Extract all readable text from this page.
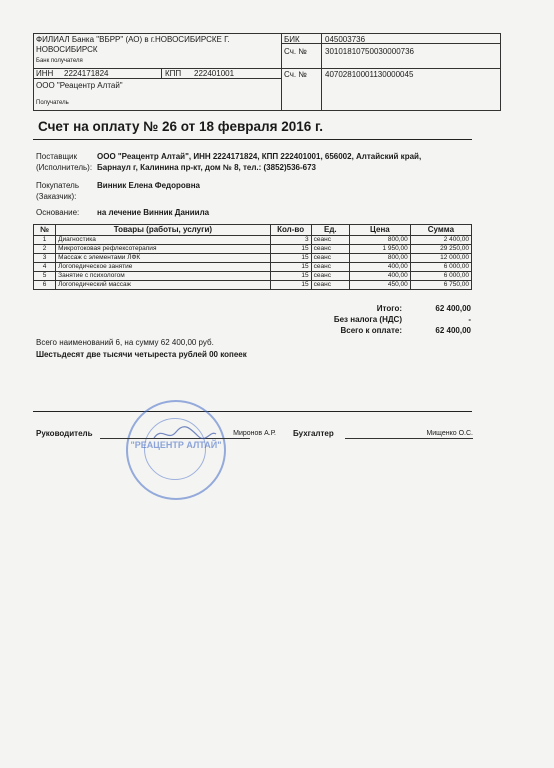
ФИЛИАЛ Банка "ВБРР" (АО) в г.НОВОСИБИРСКЕ Г.
НОВОСИБИРСК
Банк получателя
БИК	045003736
Сч. № 30101810750030000736
ИНН 2224171824	КПП 222401001	Сч. № 40702810001130000045
ООО "Реацентр Алтай"
Получатель
Счет на оплату № 26 от 18 февраля 2016 г.
Поставщик
(Исполнитель):
ООО "Реацентр Алтай", ИНН 2224171824, КПП 222401001, 656002, Алтайский край,
Барнаул г, Калинина пр-кт, дом № 8, тел.: (3852)536-673
Покупатель
(Заказчик):
Винник Елена Федоровна
Основание: на лечение Винник Даниила
№	Товары (работы, услуги)	Кол-во	Ед.	Цена	Сумма
1	Диагностика	3	сеанс	800,00	2 400,00
2	Микротоковая рефлексотерапия	15	сеанс	1 950,00	29 250,00
3	Массаж с элементами ЛФК	15	сеанс	800,00	12 000,00
4	Логопедическое занятие	15	сеанс	400,00	6 000,00
5	Занятие с психологом	15	сеанс	400,00	6 000,00
6	Логопедический массаж	15	сеанс	450,00	6 750,00
Итого:	62 400,00
Без налога (НДС)	-
Всего к оплате:	62 400,00
Всего наименований 6, на сумму 62 400,00 руб.
Шестьдесят две тысячи четыреста рублей 00 копеек
"РЕАЦЕНТР АЛТАЙ"
Руководитель	Миронов А.Р. Бухгалтер	Мищенко О.С.
